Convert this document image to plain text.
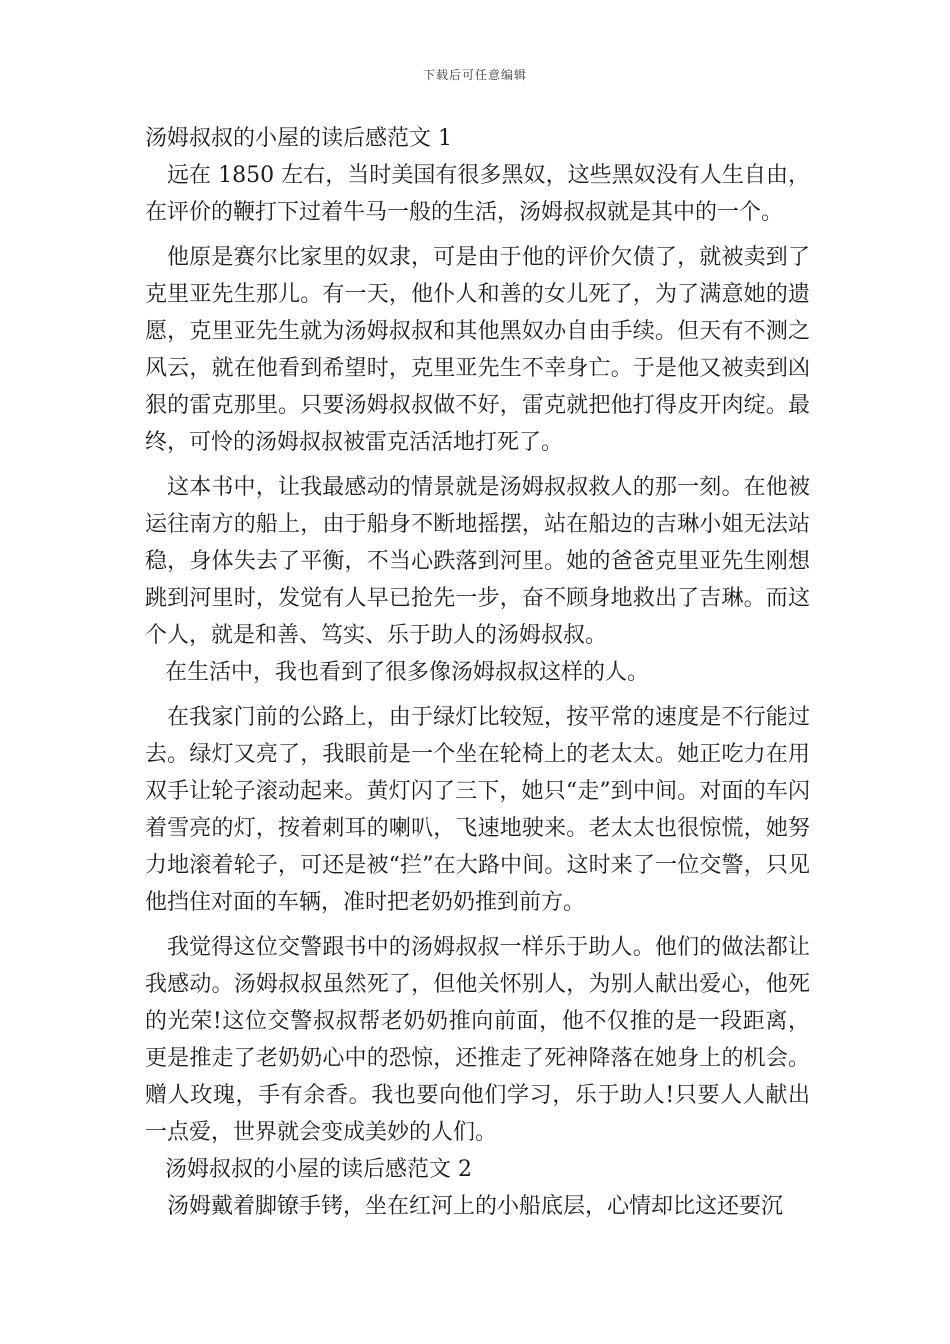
下载后可任意编辑

汤姆叔叔的小屋的读后感范文 1

远在 1850 左右，当时美国有很多黑奴，这些黑奴没有人生自由，在评价的鞭打下过着牛马一般的生活，汤姆叔叔就是其中的一个。

他原是赛尔比家里的奴隶，可是由于他的评价欠债了，就被卖到了克里亚先生那儿。有一天，他仆人和善的女儿死了，为了满意她的遗愿，克里亚先生就为汤姆叔叔和其他黑奴办自由手续。但天有不测之风云，就在他看到希望时，克里亚先生不幸身亡。于是他又被卖到凶狠的雷克那里。只要汤姆叔叔做不好，雷克就把他打得皮开肉绽。最终，可怜的汤姆叔叔被雷克活活地打死了。

这本书中，让我最感动的情景就是汤姆叔叔救人的那一刻。在他被运往南方的船上，由于船身不断地摇摆，站在船边的吉琳小姐无法站稳，身体失去了平衡，不当心跌落到河里。她的爸爸克里亚先生刚想跳到河里时，发觉有人早已抢先一步，奋不顾身地救出了吉琳。而这个人，就是和善、笃实、乐于助人的汤姆叔叔。

在生活中，我也看到了很多像汤姆叔叔这样的人。

在我家门前的公路上，由于绿灯比较短，按平常的速度是不行能过去。绿灯又亮了，我眼前是一个坐在轮椅上的老太太。她正吃力在用双手让轮子滚动起来。黄灯闪了三下，她只“走”到中间。对面的车闪着雪亮的灯，按着刺耳的喇叭，飞速地驶来。老太太也很惊慌，她努力地滚着轮子，可还是被“拦”在大路中间。这时来了一位交警，只见他挡住对面的车辆，准时把老奶奶推到前方。

我觉得这位交警跟书中的汤姆叔叔一样乐于助人。他们的做法都让我感动。汤姆叔叔虽然死了，但他关怀别人，为别人献出爱心，他死的光荣!这位交警叔叔帮老奶奶推向前面，他不仅推的是一段距离，更是推走了老奶奶心中的恐惊，还推走了死神降落在她身上的机会。赠人玫瑰，手有余香。我也要向他们学习，乐于助人!只要人人献出一点爱，世界就会变成美妙的人们。

汤姆叔叔的小屋的读后感范文 2

汤姆戴着脚镣手铐，坐在红河上的小船底层，心情却比这还要沉
